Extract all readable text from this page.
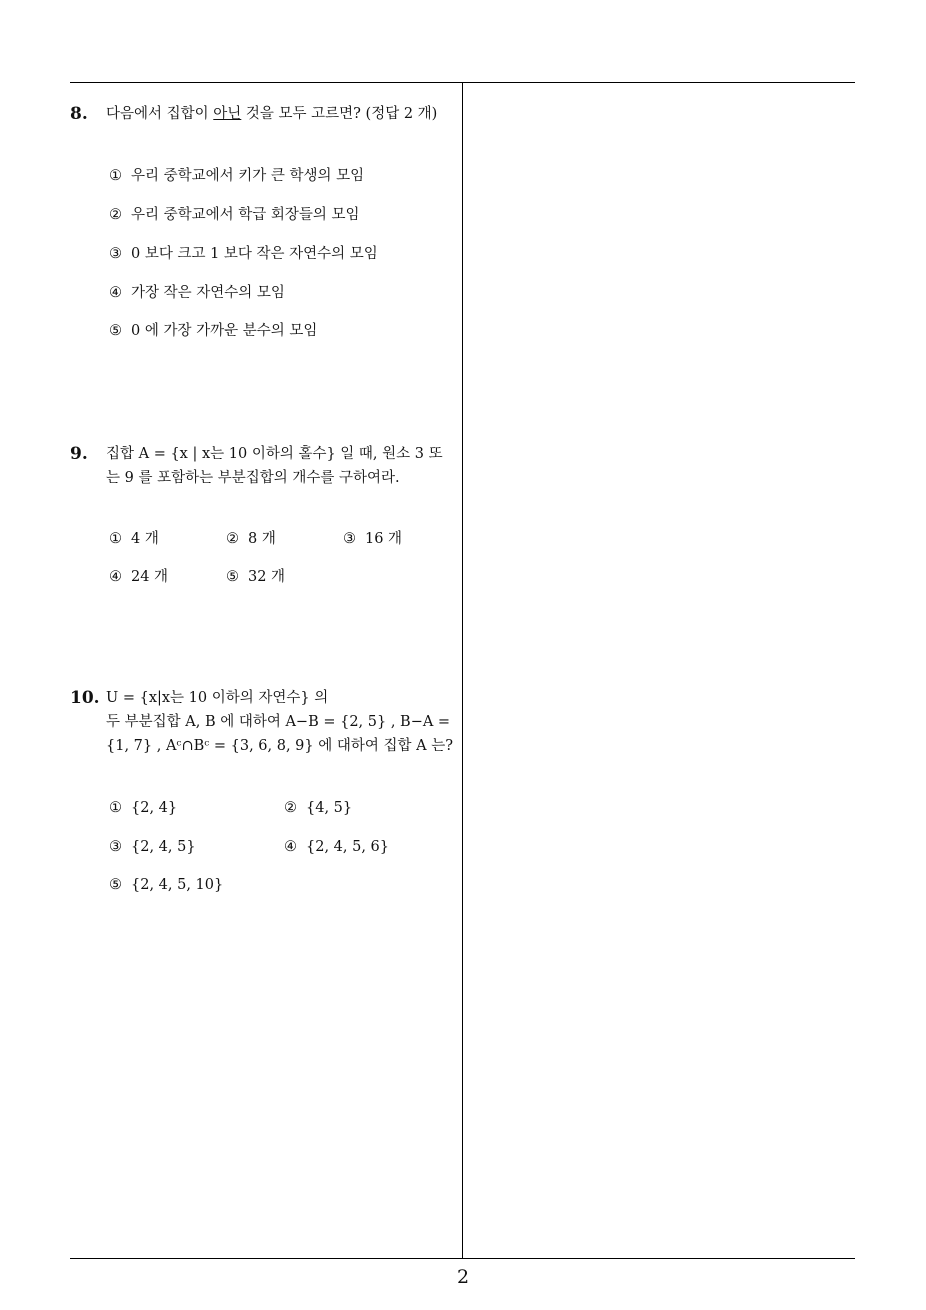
8. 다음에서 집합이 아닌 것을 모두 고르면? (정답 2 개)
① 우리 중학교에서 키가 큰 학생의 모임
② 우리 중학교에서 학급 회장들의 모임
③ 0 보다 크고 1 보다 작은 자연수의 모임
④ 가장 작은 자연수의 모임
⑤ 0 에 가장 가까운 분수의 모임
9. 집합 A = {x | x는 10 이하의 홀수} 일 때, 원소 3 또
는 9 를 포함하는 부분집합의 개수를 구하여라.
① 4 개	② 8 개	③ 16 개
④ 24 개	⑤ 32 개
10. U = {x|x는 10 이하의 자연수} 의
두 부분집합 A, B 에 대하여 A−B = {2, 5} , B−A =
{1, 7} , Aᶜ∩Bᶜ = {3, 6, 8, 9} 에 대하여 집합 A 는?
① {2, 4}	② {4, 5}
③ {2, 4, 5}	④ {2, 4, 5, 6}
⑤ {2, 4, 5, 10}
2
